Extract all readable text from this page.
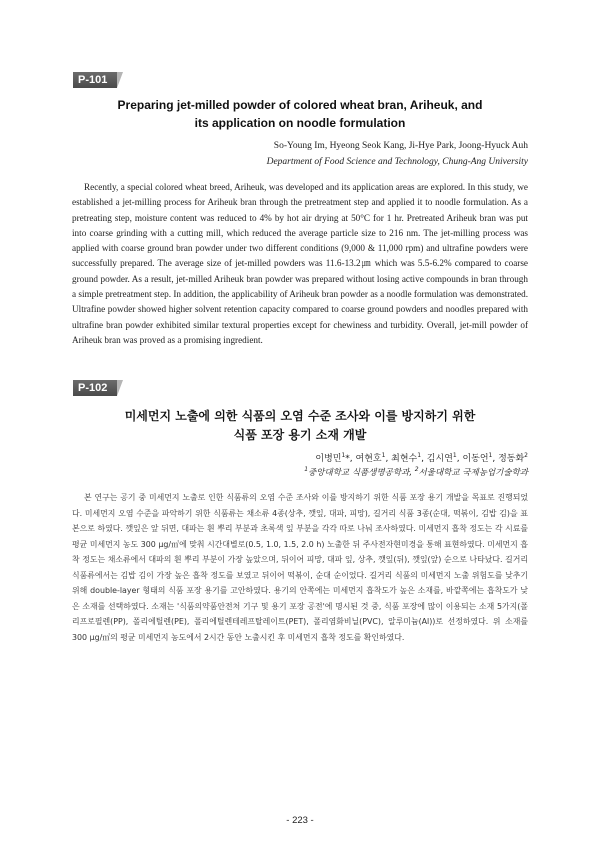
P-101
Preparing jet-milled powder of colored wheat bran, Ariheuk, and
its application on noodle formulation
So-Young Im, Hyeong Seok Kang, Ji-Hye Park, Joong-Hyuck Auh
Department of Food Science and Technology, Chung-Ang University

Recently, a special colored wheat breed, Ariheuk, was developed and its application areas are explored. In this study, we established a jet-milling process for Ariheuk bran through the pretreatment step and applied it to noodle formulation. As a pretreating step, moisture content was reduced to 4% by hot air drying at 50°C for 1 hr. Pretreated Ariheuk bran was put into coarse grinding with a cutting mill, which reduced the average particle size to 216 nm. The jet-milling process was applied with coarse ground bran powder under two different conditions (9,000 & 11,000 rpm) and ultrafine powders were successfully prepared. The average size of jet-milled powders was 11.6-13.2㎛ which was 5.5-6.2% compared to coarse ground powder. As a result, jet-milled Ariheuk bran powder was prepared without losing active compounds in bran through a simple pretreatment step. In addition, the applicability of Ariheuk bran powder as a noodle formulation was demonstrated. Ultrafine powder showed higher solvent retention capacity compared to coarse ground powders and noodles prepared with ultrafine bran powder exhibited similar textural properties except for chewiness and turbidity. Overall, jet-mill powder of Ariheuk bran was proved as a promising ingredient.

P-102
미세먼지 노출에 의한 식품의 오염 수준 조사와 이를 방지하기 위한
식품 포장 용기 소재 개발
이병민$^1$*, 여현호$^1$, 최현수$^1$, 김시연$^1$, 이동언$^1$, 정동화$^2$
$^1$중앙대학교 식품생명공학과, $^2$서울대학교 국제농업기술학과

본 연구는 공기 중 미세먼지 노출로 인한 식품류의 오염 수준 조사와 이를 방지하기 위한 식품 포장 용기 개발을 목표로 진행되었다. 미세먼지 오염 수준을 파악하기 위한 식품류는 채소류 4종(상추, 깻잎, 대파, 피망), 길거리 식품 3종(순대, 떡볶이, 김밥 김)을 표본으로 하였다. 깻잎은 앞 뒤면, 대파는 흰 뿌리 부분과 초록색 잎 부분을 각각 따로 나눠 조사하였다. 미세먼지 흡착 정도는 각 시료를 평균 미세먼지 농도 300 μg/㎥에 맞춰 시간대별로(0.5, 1.0, 1.5, 2.0 h) 노출한 뒤 주사전자현미경을 통해 표현하였다. 미세먼지 흡착 정도는 채소류에서 대파의 흰 뿌리 부분이 가장 높았으며, 뒤이어 피망, 대파 잎, 상추, 깻잎(뒤), 깻잎(앞) 순으로 나타났다. 길거리 식품류에서는 김밥 김이 가장 높은 흡착 정도를 보였고 뒤이어 떡볶이, 순대 순이었다. 길거리 식품의 미세먼지 노출 위험도를 낮추기 위해 double-layer 형태의 식품 포장 용기를 고안하였다. 용기의 안쪽에는 미세먼지 흡착도가 높은 소재를, 바깥쪽에는 흡착도가 낮은 소재를 선택하였다. 소재는 '식품의약품안전처 기구 및 용기 포장 공전'에 명시된 것 중, 식품 포장에 많이 이용되는 소재 5가지(폴리프로필렌(PP), 폴리에틸렌(PE), 폴리에틸렌테레프탈레이트(PET), 폴리염화비닐(PVC), 알루미늄(Al))로 선정하였다. 위 소재를 300 μg/㎥의 평균 미세먼지 농도에서 2시간 동안 노출시킨 후 미세먼지 흡착 정도를 확인하였다.

- 223 -
